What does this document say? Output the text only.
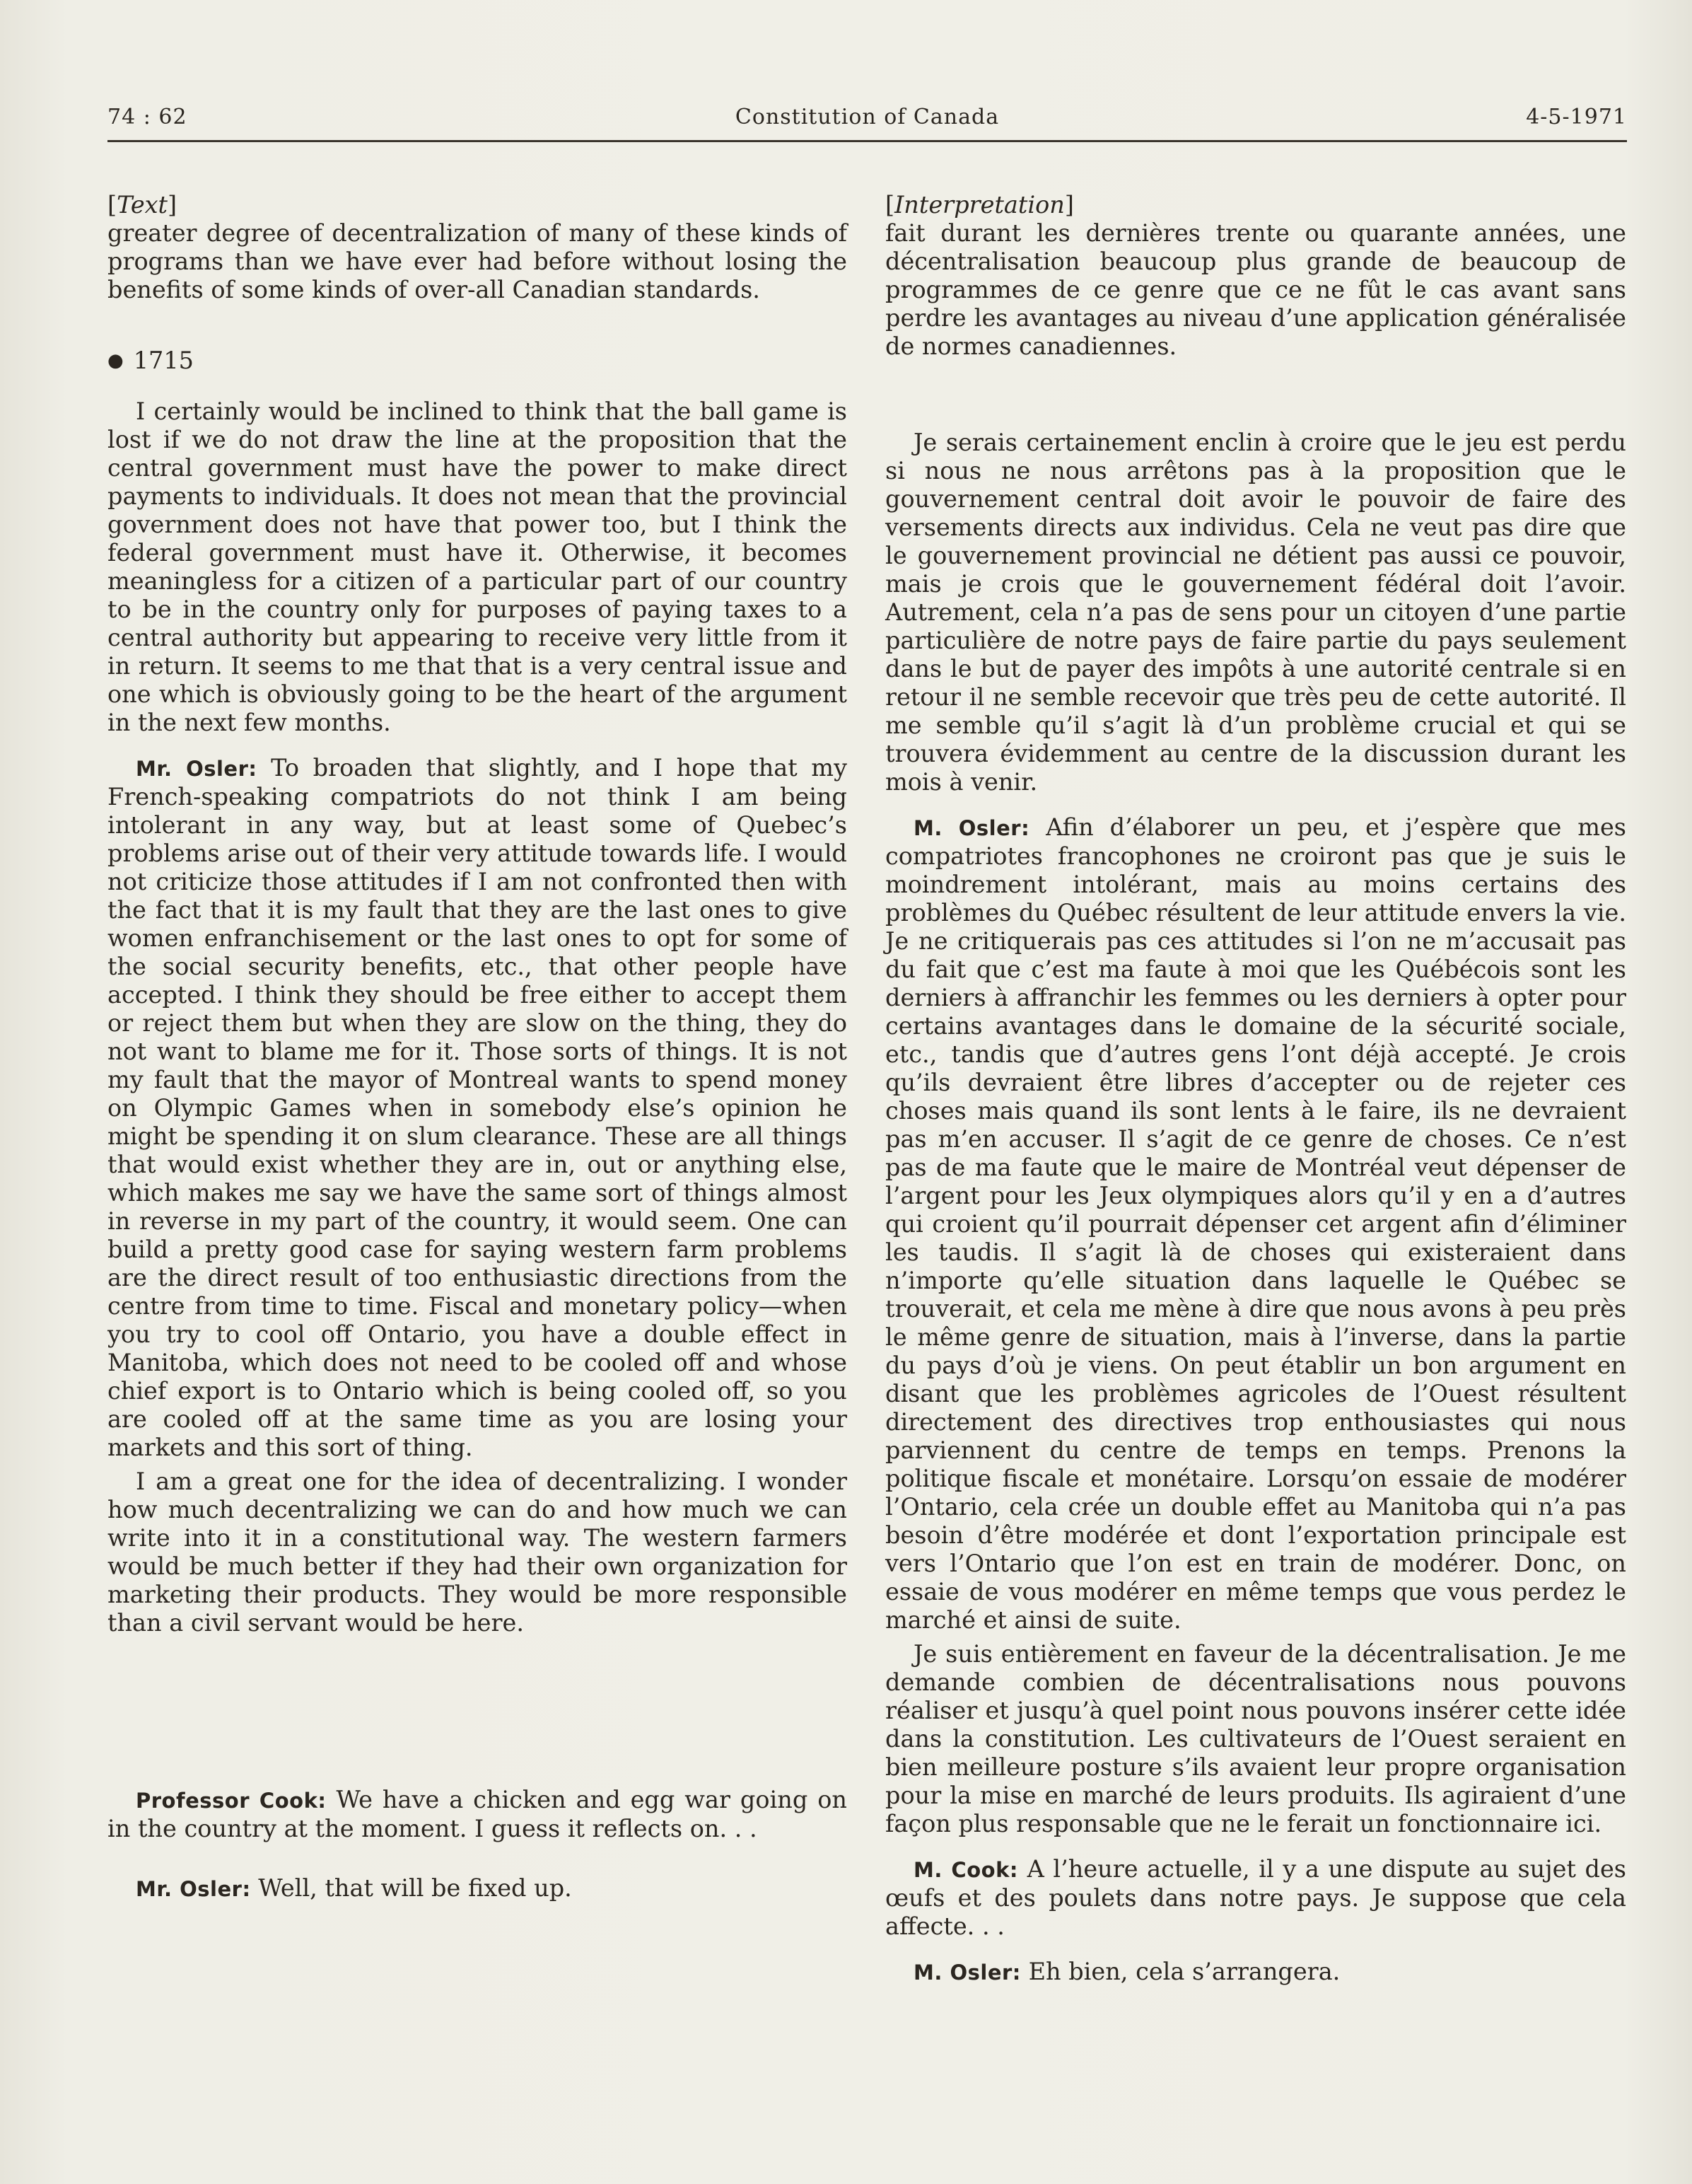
74 : 62	Constitution of Canada	4-5-1971

[Text]

greater degree of decentralization of many of these kinds of programs than we have ever had before without losing the benefits of some kinds of over-all Canadian standards.

● 1715

I certainly would be inclined to think that the ball game is lost if we do not draw the line at the proposition that the central government must have the power to make direct payments to individuals. It does not mean that the provincial government does not have that power too, but I think the federal government must have it. Otherwise, it becomes meaningless for a citizen of a particular part of our country to be in the country only for purposes of paying taxes to a central authority but appearing to receive very little from it in return. It seems to me that that is a very central issue and one which is obviously going to be the heart of the argument in the next few months.

Mr. Osler: To broaden that slightly, and I hope that my French-speaking compatriots do not think I am being intolerant in any way, but at least some of Quebec’s problems arise out of their very attitude towards life. I would not criticize those attitudes if I am not confronted then with the fact that it is my fault that they are the last ones to give women enfranchisement or the last ones to opt for some of the social security benefits, etc., that other people have accepted. I think they should be free either to accept them or reject them but when they are slow on the thing, they do not want to blame me for it. Those sorts of things. It is not my fault that the mayor of Montreal wants to spend money on Olympic Games when in somebody else’s opinion he might be spending it on slum clearance. These are all things that would exist whether they are in, out or anything else, which makes me say we have the same sort of things almost in reverse in my part of the country, it would seem. One can build a pretty good case for saying western farm problems are the direct result of too enthusiastic directions from the centre from time to time. Fiscal and monetary policy—when you try to cool off Ontario, you have a double effect in Manitoba, which does not need to be cooled off and whose chief export is to Ontario which is being cooled off, so you are cooled off at the same time as you are losing your markets and this sort of thing.

I am a great one for the idea of decentralizing. I wonder how much decentralizing we can do and how much we can write into it in a constitutional way. The western farmers would be much better if they had their own organization for marketing their products. They would be more responsible than a civil servant would be here.

Professor Cook: We have a chicken and egg war going on in the country at the moment. I guess it reflects on. . .

Mr. Osler: Well, that will be fixed up.

[Interpretation]

fait durant les dernières trente ou quarante années, une décentralisation beaucoup plus grande de beaucoup de programmes de ce genre que ce ne fût le cas avant sans perdre les avantages au niveau d’une application généralisée de normes canadiennes.

Je serais certainement enclin à croire que le jeu est perdu si nous ne nous arrêtons pas à la proposition que le gouvernement central doit avoir le pouvoir de faire des versements directs aux individus. Cela ne veut pas dire que le gouvernement provincial ne détient pas aussi ce pouvoir, mais je crois que le gouvernement fédéral doit l’avoir. Autrement, cela n’a pas de sens pour un citoyen d’une partie particulière de notre pays de faire partie du pays seulement dans le but de payer des impôts à une autorité centrale si en retour il ne semble recevoir que très peu de cette autorité. Il me semble qu’il s’agit là d’un problème crucial et qui se trouvera évidemment au centre de la discussion durant les mois à venir.

M. Osler: Afin d’élaborer un peu, et j’espère que mes compatriotes francophones ne croiront pas que je suis le moindrement intolérant, mais au moins certains des problèmes du Québec résultent de leur attitude envers la vie. Je ne critiquerais pas ces attitudes si l’on ne m’accusait pas du fait que c’est ma faute à moi que les Québécois sont les derniers à affranchir les femmes ou les derniers à opter pour certains avantages dans le domaine de la sécurité sociale, etc., tandis que d’autres gens l’ont déjà accepté. Je crois qu’ils devraient être libres d’accepter ou de rejeter ces choses mais quand ils sont lents à le faire, ils ne devraient pas m’en accuser. Il s’agit de ce genre de choses. Ce n’est pas de ma faute que le maire de Montréal veut dépenser de l’argent pour les Jeux olympiques alors qu’il y en a d’autres qui croient qu’il pourrait dépenser cet argent afin d’éliminer les taudis. Il s’agit là de choses qui existeraient dans n’importe qu’elle situation dans laquelle le Québec se trouverait, et cela me mène à dire que nous avons à peu près le même genre de situation, mais à l’inverse, dans la partie du pays d’où je viens. On peut établir un bon argument en disant que les problèmes agricoles de l’Ouest résultent directement des directives trop enthousiastes qui nous parviennent du centre de temps en temps. Prenons la politique fiscale et monétaire. Lorsqu’on essaie de modérer l’Ontario, cela crée un double effet au Manitoba qui n’a pas besoin d’être modérée et dont l’exportation principale est vers l’Ontario que l’on est en train de modérer. Donc, on essaie de vous modérer en même temps que vous perdez le marché et ainsi de suite.

Je suis entièrement en faveur de la décentralisation. Je me demande combien de décentralisations nous pouvons réaliser et jusqu’à quel point nous pouvons insérer cette idée dans la constitution. Les cultivateurs de l’Ouest seraient en bien meilleure posture s’ils avaient leur propre organisation pour la mise en marché de leurs produits. Ils agiraient d’une façon plus responsable que ne le ferait un fonctionnaire ici.

M. Cook: A l’heure actuelle, il y a une dispute au sujet des œufs et des poulets dans notre pays. Je suppose que cela affecte. . .

M. Osler: Eh bien, cela s’arrangera.
